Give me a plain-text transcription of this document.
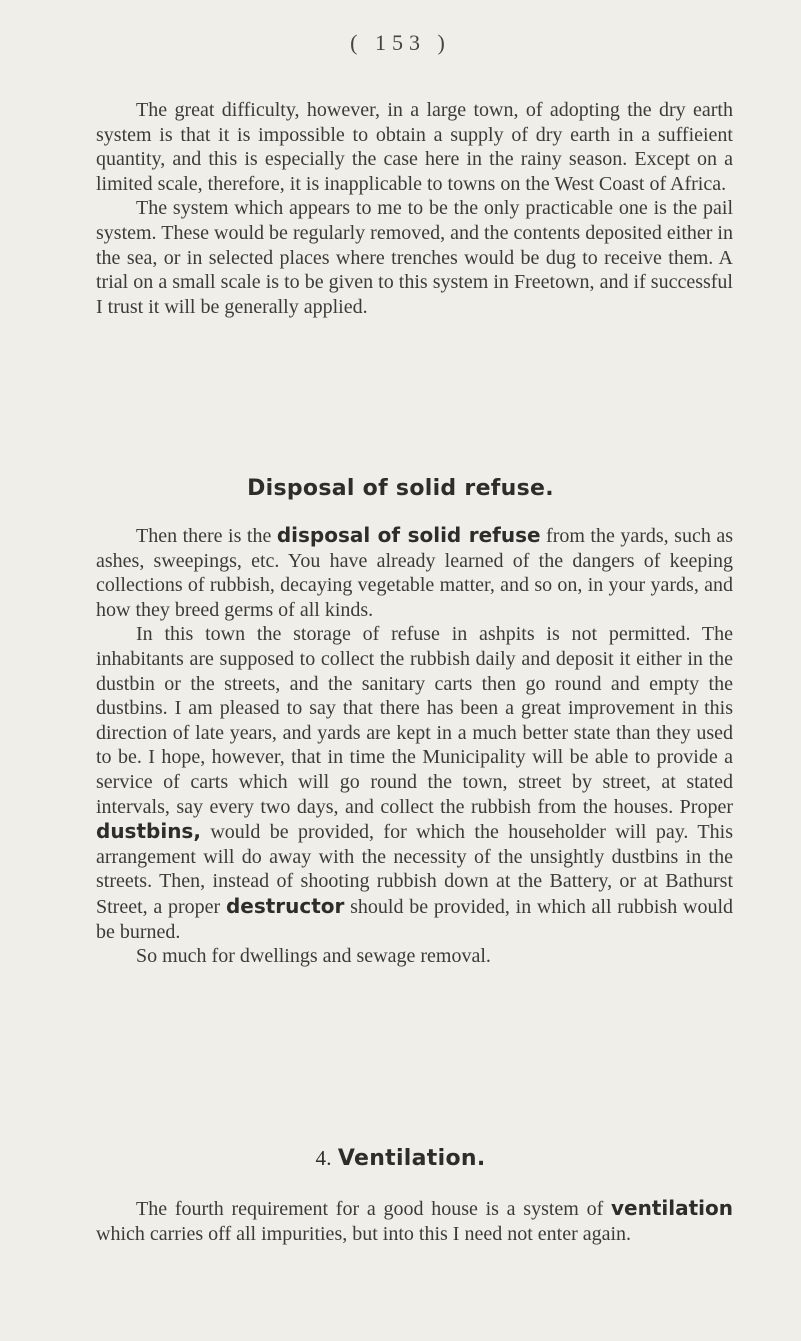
( 153 )

The great difficulty, however, in a large town, of adopting the dry earth system is that it is impossible to obtain a supply of dry earth in a suffieient quantity, and this is especially the case here in the rainy season. Except on a limited scale, therefore, it is inapplicable to towns on the West Coast of Africa.

The system which appears to me to be the only practicable one is the pail system. These would be regularly removed, and the contents deposited either in the sea, or in selected places where trenches would be dug to receive them. A trial on a small scale is to be given to this system in Freetown, and if successful I trust it will be generally applied.

Disposal of solid refuse.

Then there is the disposal of solid refuse from the yards, such as ashes, sweepings, etc. You have already learned of the dangers of keeping collections of rubbish, decaying vegetable matter, and so on, in your yards, and how they breed germs of all kinds.

In this town the storage of refuse in ashpits is not permitted. The inhabitants are supposed to collect the rubbish daily and deposit it either in the dustbin or the streets, and the sanitary carts then go round and empty the dustbins. I am pleased to say that there has been a great improvement in this direction of late years, and yards are kept in a much better state than they used to be. I hope, however, that in time the Municipality will be able to provide a service of carts which will go round the town, street by street, at stated intervals, say every two days, and collect the rubbish from the houses. Proper dustbins, would be provided, for which the householder will pay. This arrangement will do away with the necessity of the unsightly dustbins in the streets. Then, instead of shooting rubbish down at the Battery, or at Bathurst Street, a proper destructor should be provided, in which all rubbish would be burned.

So much for dwellings and sewage removal.

4. Ventilation.

The fourth requirement for a good house is a system of ventilation which carries off all impurities, but into this I need not enter again.
